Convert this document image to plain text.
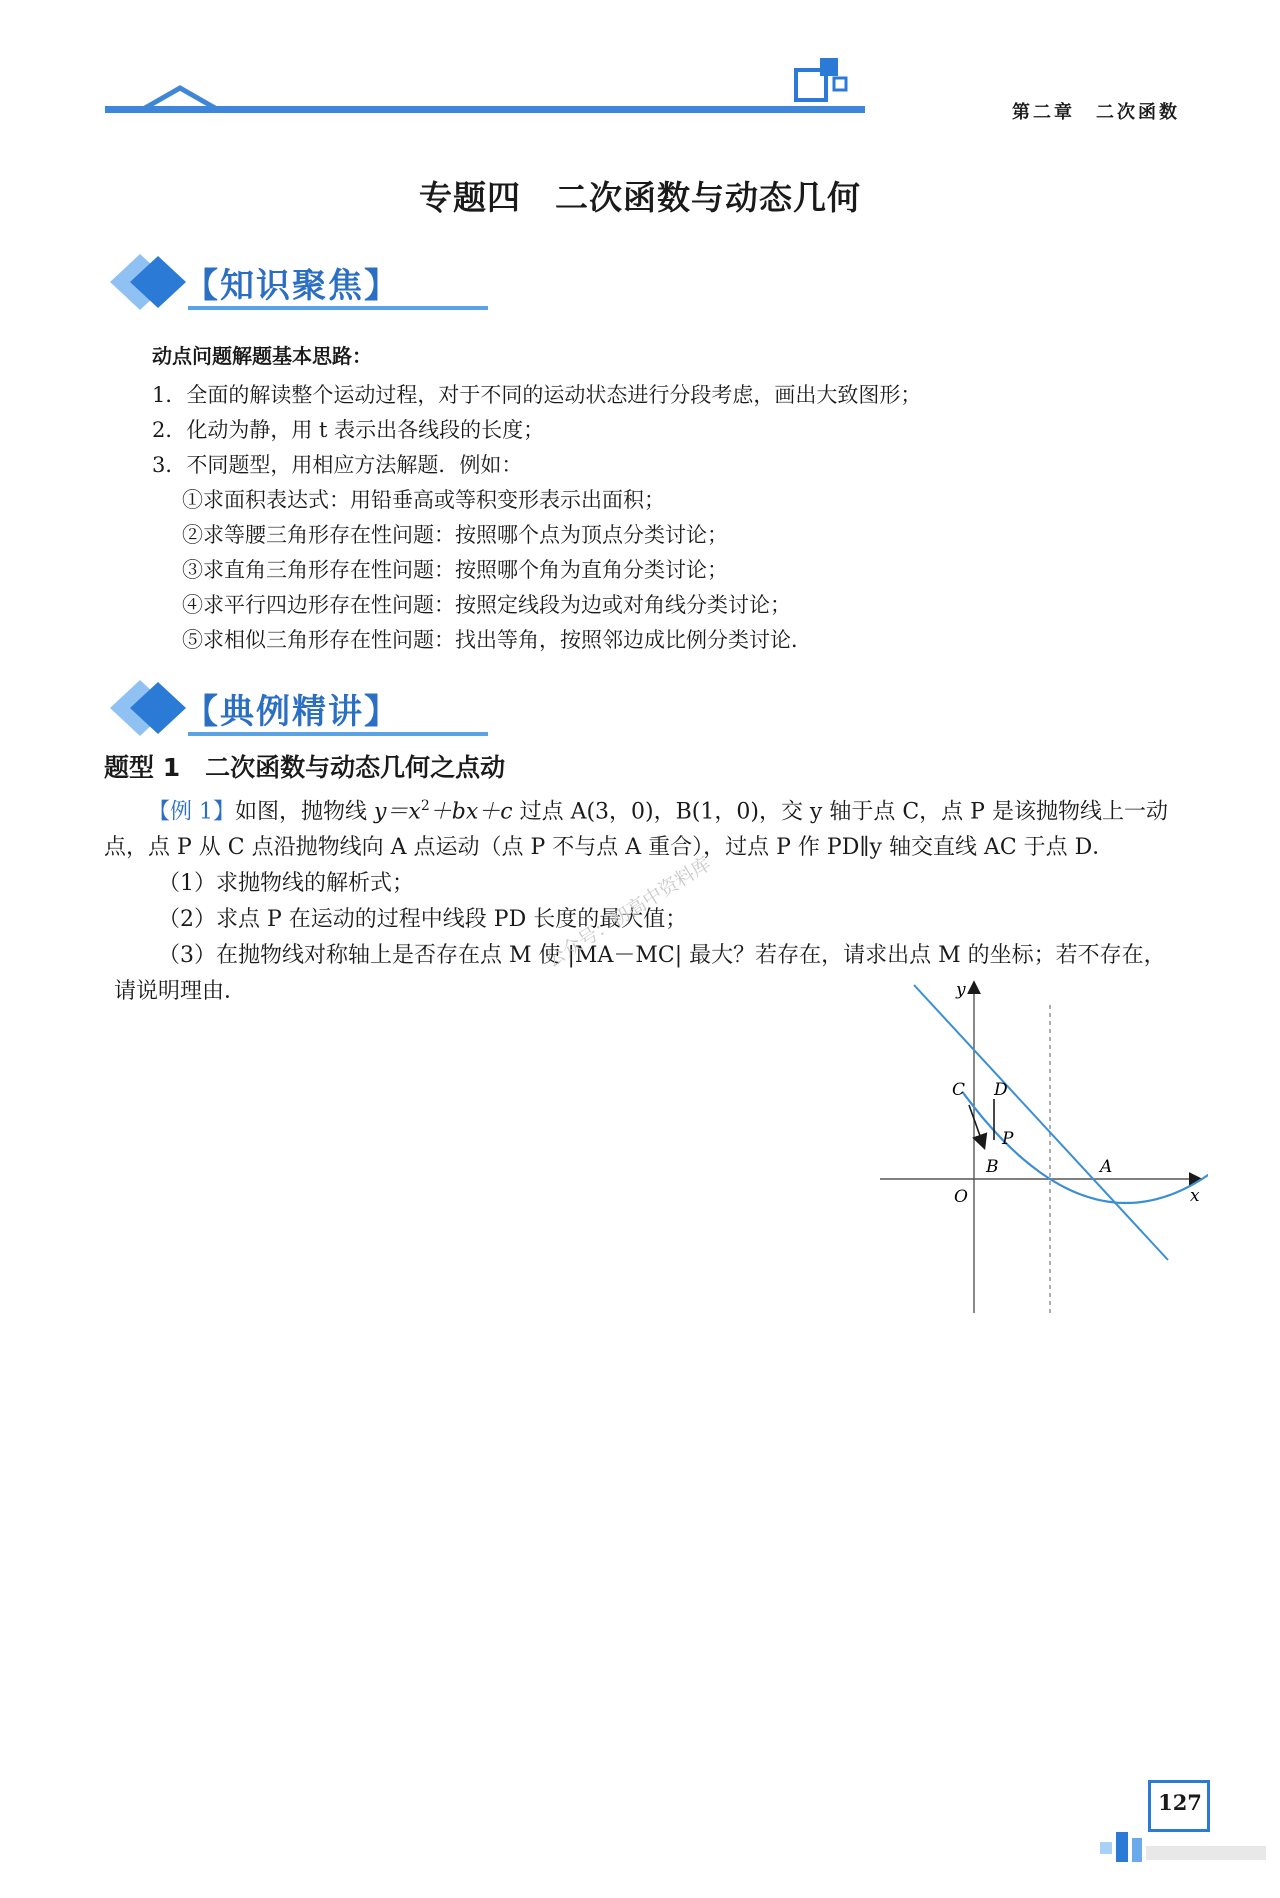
第二章　二次函数
专题四　二次函数与动态几何
【知识聚焦】
动点问题解题基本思路：
1．全面的解读整个运动过程，对于不同的运动状态进行分段考虑，画出大致图形；
2．化动为静，用 t 表示出各线段的长度；
3．不同题型，用相应方法解题．例如：
①求面积表达式：用铅垂高或等积变形表示出面积；
②求等腰三角形存在性问题：按照哪个点为顶点分类讨论；
③求直角三角形存在性问题：按照哪个角为直角分类讨论；
④求平行四边形存在性问题：按照定线段为边或对角线分类讨论；
⑤求相似三角形存在性问题：找出等角，按照邻边成比例分类讨论．
【典例精讲】
题型 1　二次函数与动态几何之点动

【例 1】如图，抛物线 $y=x^2+bx+c$ 过点 A(3，0)，B(1，0)，交 y 轴于点 C，点 P 是该抛物线上一动点，点 P 从 C 点沿抛物线向 A 点运动（点 P 不与点 A 重合），过点 P 作 PD∥y 轴交直线 AC 于点 D．

（1）求抛物线的解析式；

（2）求点 P 在运动的过程中线段 PD 长度的最大值；

（3）在抛物线对称轴上是否存在点 M 使 |MA－MC| 最大？若存在，请求出点 M 的坐标；若不存在，请说明理由．

公众号：初高中资料库
y
x
O
C D
P
B	A
127
